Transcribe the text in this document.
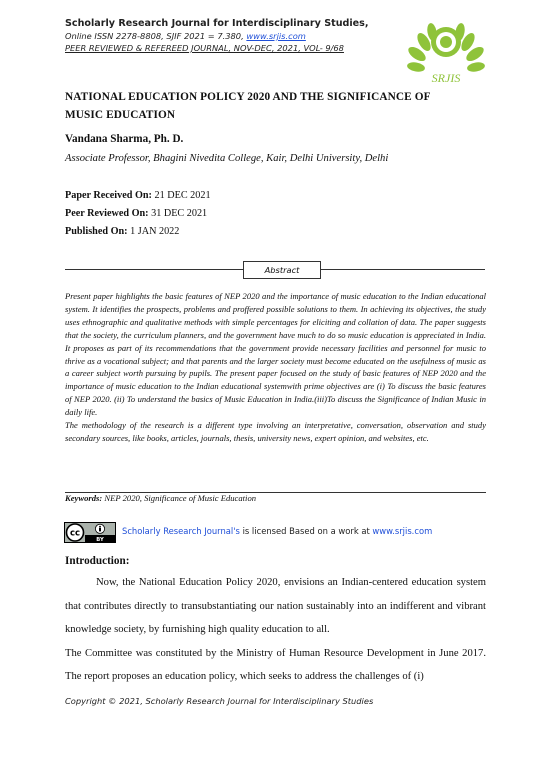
Scholarly Research Journal for Interdisciplinary Studies,
Online ISSN 2278-8808, SJIF 2021 = 7.380, www.srjis.com
PEER REVIEWED & REFEREED JOURNAL, NOV-DEC, 2021, VOL- 9/68
SRJIS
NATIONAL EDUCATION POLICY 2020 AND THE SIGNIFICANCE OF MUSIC EDUCATION
Vandana Sharma, Ph. D.
Associate Professor, Bhagini Nivedita College, Kair, Delhi University, Delhi
Paper Received On: 21 DEC 2021
Peer Reviewed On: 31 DEC 2021
Published On: 1 JAN 2022
Abstract

Present paper highlights the basic features of NEP 2020 and the importance of music education to the Indian educational system. It identifies the prospects, problems and proffered possible solutions to them. In achieving its objectives, the study uses ethnographic and qualitative methods with simple percentages for eliciting and collation of data. The paper suggests that the society, the curriculum planners, and the government have much to do so music education is appreciated in India. It proposes as part of its recommendations that the government provide necessary facilities and personnel for music to thrive as a vocational subject; and that parents and the larger society must become educated on the usefulness of music as a career subject worth pursuing by pupils. The present paper focused on the study of basic features of NEP 2020 and the importance of music education to the Indian educational systemwith prime objectives are (i) To discuss the basic features of NEP 2020. (ii) To understand the basics of Music Education in India.(iii)To discuss the Significance of Indian Music in daily life.

The methodology of the research is a different type involving an interpretative, conversation, observation and study secondary sources, like books, articles, journals, thesis, university news, expert opinion, and websites, etc.

Keywords: NEP 2020, Significance of Music Education
cc
BY
Scholarly Research Journal's is licensed Based on a work at www.srjis.com
Introduction:

Now, the National Education Policy 2020, envisions an Indian-centered education system that contributes directly to transubstantiating our nation sustainably into an indifferent and vibrant knowledge society, by furnishing high quality education to all.

The Committee was constituted by the Ministry of Human Resource Development in June 2017. The report proposes an education policy, which seeks to address the challenges of (i)

Copyright © 2021, Scholarly Research Journal for Interdisciplinary Studies
